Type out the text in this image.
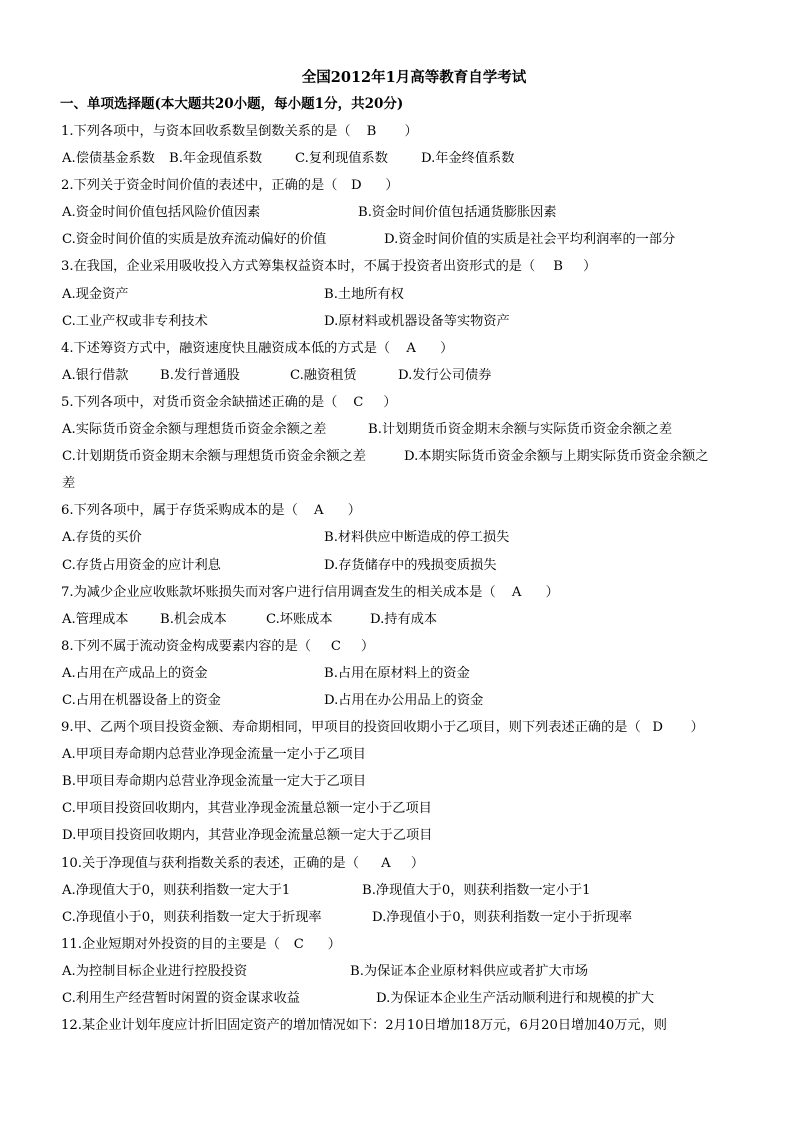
全国2012年1月高等教育自学考试
一、单项选择题(本大题共20小题，每小题1分，共20分)
1.下列各项中，与资本回收系数呈倒数关系的是（ B ）
A.偿债基金系数	B.年金现值系数	C.复利现值系数	D.年金终值系数
2.下列关于资金时间价值的表述中，正确的是（ D ）
A.资金时间价值包括风险价值因素	B.资金时间价值包括通货膨胀因素
C.资金时间价值的实质是放弃流动偏好的价值	D.资金时间价值的实质是社会平均利润率的一部分
3.在我国，企业采用吸收投入方式筹集权益资本时，不属于投资者出资形式的是（ B ）
A.现金资产	B.土地所有权
C.工业产权或非专利技术	D.原材料或机器设备等实物资产
4.下述筹资方式中，融资速度快且融资成本低的方式是（ A ）
A.银行借款	B.发行普通股	C.融资租赁	D.发行公司债券
5.下列各项中，对货币资金余缺描述正确的是（ C ）
A.实际货币资金余额与理想货币资金余额之差	B.计划期货币资金期末余额与实际货币资金余额之差
C.计划期货币资金期末余额与理想货币资金余额之差	D.本期实际货币资金余额与上期实际货币资金余额之
差
6.下列各项中，属于存货采购成本的是（ A ）
A.存货的买价	B.材料供应中断造成的停工损失
C.存货占用资金的应计利息	D.存货储存中的残损变质损失
7.为减少企业应收账款坏账损失而对客户进行信用调查发生的相关成本是（ A ）
A.管理成本	B.机会成本	C.坏账成本	D.持有成本
8.下列不属于流动资金构成要素内容的是（ C ）
A.占用在产成品上的资金	B.占用在原材料上的资金
C.占用在机器设备上的资金	D.占用在办公用品上的资金
9.甲、乙两个项目投资金额、寿命期相同，甲项目的投资回收期小于乙项目，则下列表述正确的是（ D ）
A.甲项目寿命期内总营业净现金流量一定小于乙项目
B.甲项目寿命期内总营业净现金流量一定大于乙项目
C.甲项目投资回收期内，其营业净现金流量总额一定小于乙项目
D.甲项目投资回收期内，其营业净现金流量总额一定大于乙项目
10.关于净现值与获利指数关系的表述，正确的是（ A ）
A.净现值大于0，则获利指数一定大于1	B.净现值大于0，则获利指数一定小于1
C.净现值小于0，则获利指数一定大于折现率	D.净现值小于0，则获利指数一定小于折现率
11.企业短期对外投资的目的主要是（ C ）
A.为控制目标企业进行控股投资	B.为保证本企业原材料供应或者扩大市场
C.利用生产经营暂时闲置的资金谋求收益	D.为保证本企业生产活动顺利进行和规模的扩大
12.某企业计划年度应计折旧固定资产的增加情况如下：2月10日增加18万元，6月20日增加40万元，则
